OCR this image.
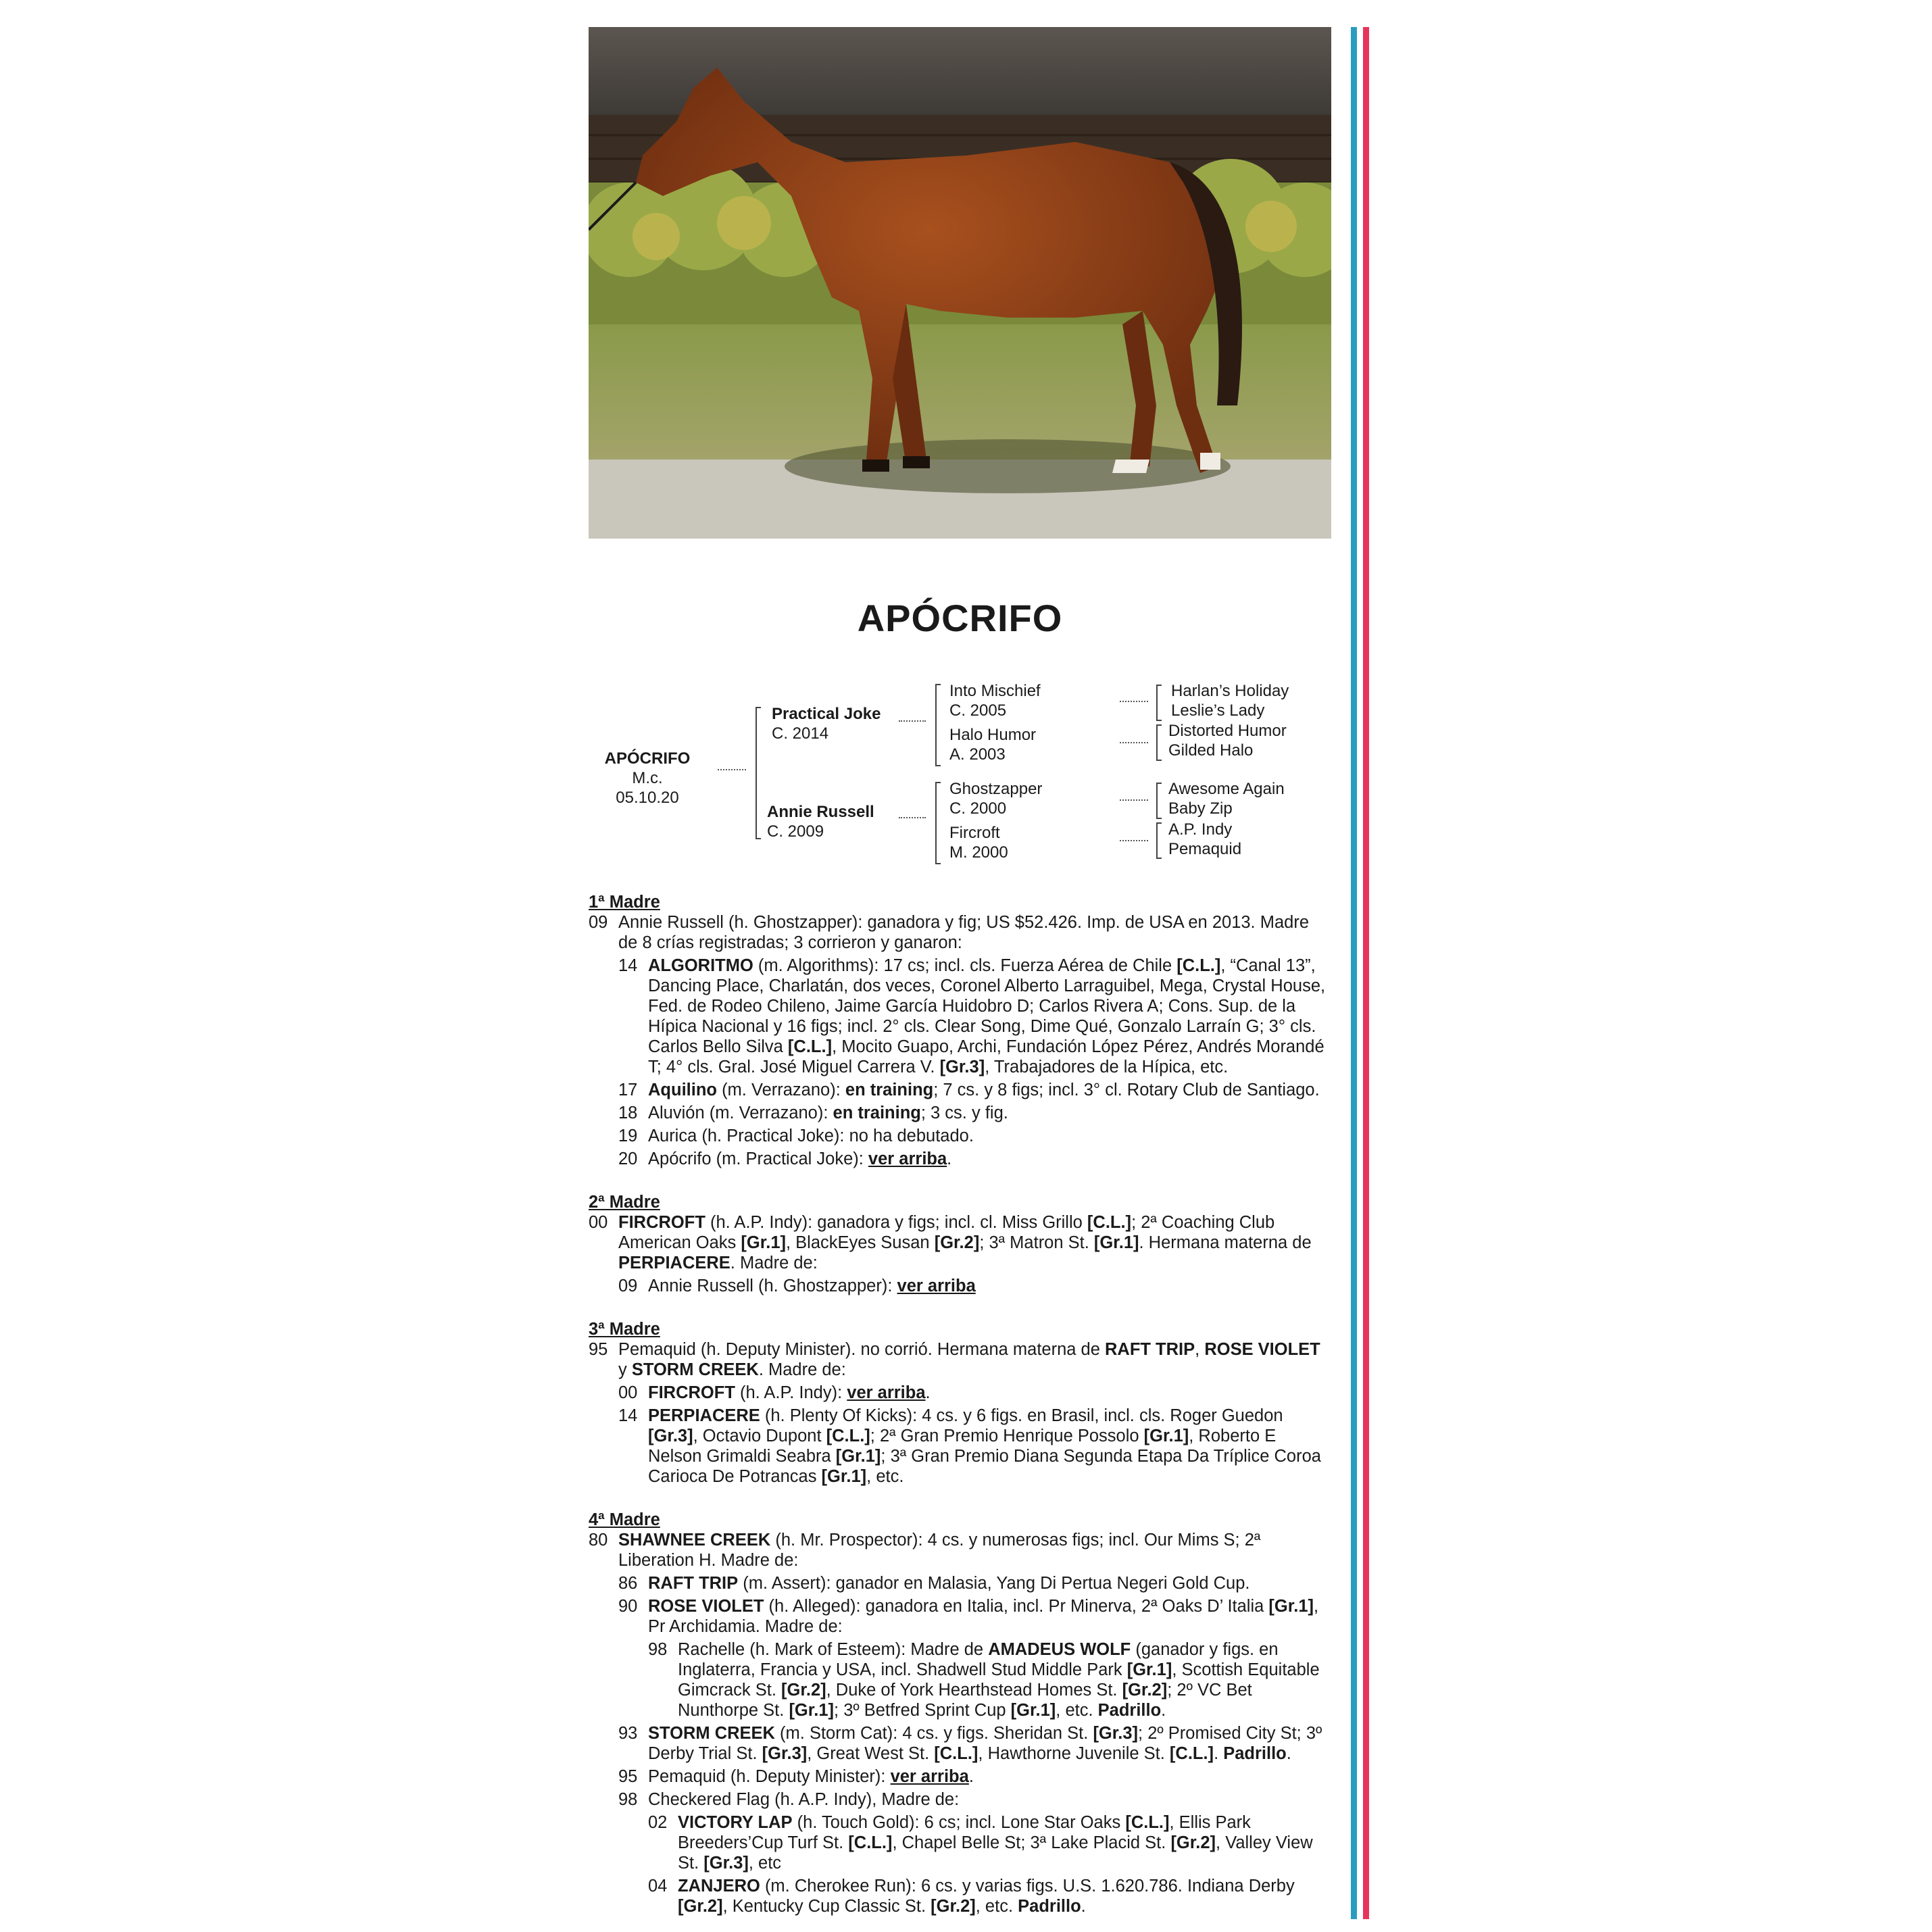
APÓCRIFO
APÓCRIFO
M.c. 05.10.20
Practical Joke
C. 2014
Annie Russell
C. 2009
Into Mischief
C. 2005
Halo Humor
A. 2003
Ghostzapper
C. 2000
Fircroft
M. 2000
Harlan’s Holiday
Leslie’s Lady
Distorted Humor
Gilded Halo
Awesome Again
Baby Zip
A.P. Indy
Pemaquid
1ª Madre
09 Annie Russell (h. Ghostzapper): ganadora y fig; US $52.426. Imp. de USA en 2013. Madre de 8 crías registradas; 3 corrieron y ganaron:
14 ALGORITMO (m. Algorithms): 17 cs; incl. cls. Fuerza Aérea de Chile [C.L.], “Canal 13”, Dancing Place, Charlatán, dos veces, Coronel Alberto Larraguibel, Mega, Crystal House, Fed. de Rodeo Chileno, Jaime García Huidobro D; Carlos Rivera A; Cons. Sup. de la Hípica Nacional y 16 figs; incl. 2° cls. Clear Song, Dime Qué, Gonzalo Larraín G; 3° cls. Carlos Bello Silva [C.L.], Mocito Guapo, Archi, Fundación López Pérez, Andrés Morandé T; 4° cls. Gral. José Miguel Carrera V. [Gr.3], Trabajadores de la Hípica, etc.
17 Aquilino (m. Verrazano): en training; 7 cs. y 8 figs; incl. 3° cl. Rotary Club de Santiago.
18 Aluvión (m. Verrazano): en training; 3 cs. y fig.
19 Aurica (h. Practical Joke): no ha debutado.
20 Apócrifo (m. Practical Joke): ver arriba.
2ª Madre
00 FIRCROFT (h. A.P. Indy): ganadora y figs; incl. cl. Miss Grillo [C.L.]; 2ª Coaching Club American Oaks [Gr.1], BlackEyes Susan [Gr.2]; 3ª Matron St. [Gr.1]. Hermana materna de PERPIACERE. Madre de:
09 Annie Russell (h. Ghostzapper): ver arriba
3ª Madre
95 Pemaquid (h. Deputy Minister). no corrió. Hermana materna de RAFT TRIP, ROSE VIOLET y STORM CREEK. Madre de:
00 FIRCROFT (h. A.P. Indy): ver arriba.
14 PERPIACERE (h. Plenty Of Kicks): 4 cs. y 6 figs. en Brasil, incl. cls. Roger Guedon [Gr.3], Octavio Dupont [C.L.]; 2ª Gran Premio Henrique Possolo [Gr.1], Roberto E Nelson Grimaldi Seabra [Gr.1]; 3ª Gran Premio Diana Segunda Etapa Da Tríplice Coroa Carioca De Potrancas [Gr.1], etc.
4ª Madre
80 SHAWNEE CREEK (h. Mr. Prospector): 4 cs. y numerosas figs; incl. Our Mims S; 2ª Liberation H. Madre de:
86 RAFT TRIP (m. Assert): ganador en Malasia, Yang Di Pertua Negeri Gold Cup.
90 ROSE VIOLET (h. Alleged): ganadora en Italia, incl. Pr Minerva, 2ª Oaks D’ Italia [Gr.1], Pr Archidamia. Madre de:
98 Rachelle (h. Mark of Esteem): Madre de AMADEUS WOLF (ganador y figs. en Inglaterra, Francia y USA, incl. Shadwell Stud Middle Park [Gr.1], Scottish Equitable Gimcrack St. [Gr.2], Duke of York Hearthstead Homes St. [Gr.2]; 2º VC Bet Nunthorpe St. [Gr.1]; 3º Betfred Sprint Cup [Gr.1], etc. Padrillo.
93 STORM CREEK (m. Storm Cat): 4 cs. y figs. Sheridan St. [Gr.3]; 2º Promised City St; 3º Derby Trial St. [Gr.3], Great West St. [C.L.], Hawthorne Juvenile St. [C.L.]. Padrillo.
95 Pemaquid (h. Deputy Minister): ver arriba.
98 Checkered Flag (h. A.P. Indy), Madre de:
02 VICTORY LAP (h. Touch Gold): 6 cs; incl. Lone Star Oaks [C.L.], Ellis Park Breeders’Cup Turf St. [C.L.], Chapel Belle St; 3ª Lake Placid St. [Gr.2], Valley View St. [Gr.3], etc
04 ZANJERO (m. Cherokee Run): 6 cs. y varias figs. U.S. 1.620.786. Indiana Derby [Gr.2], Kentucky Cup Classic St. [Gr.2], etc. Padrillo.
